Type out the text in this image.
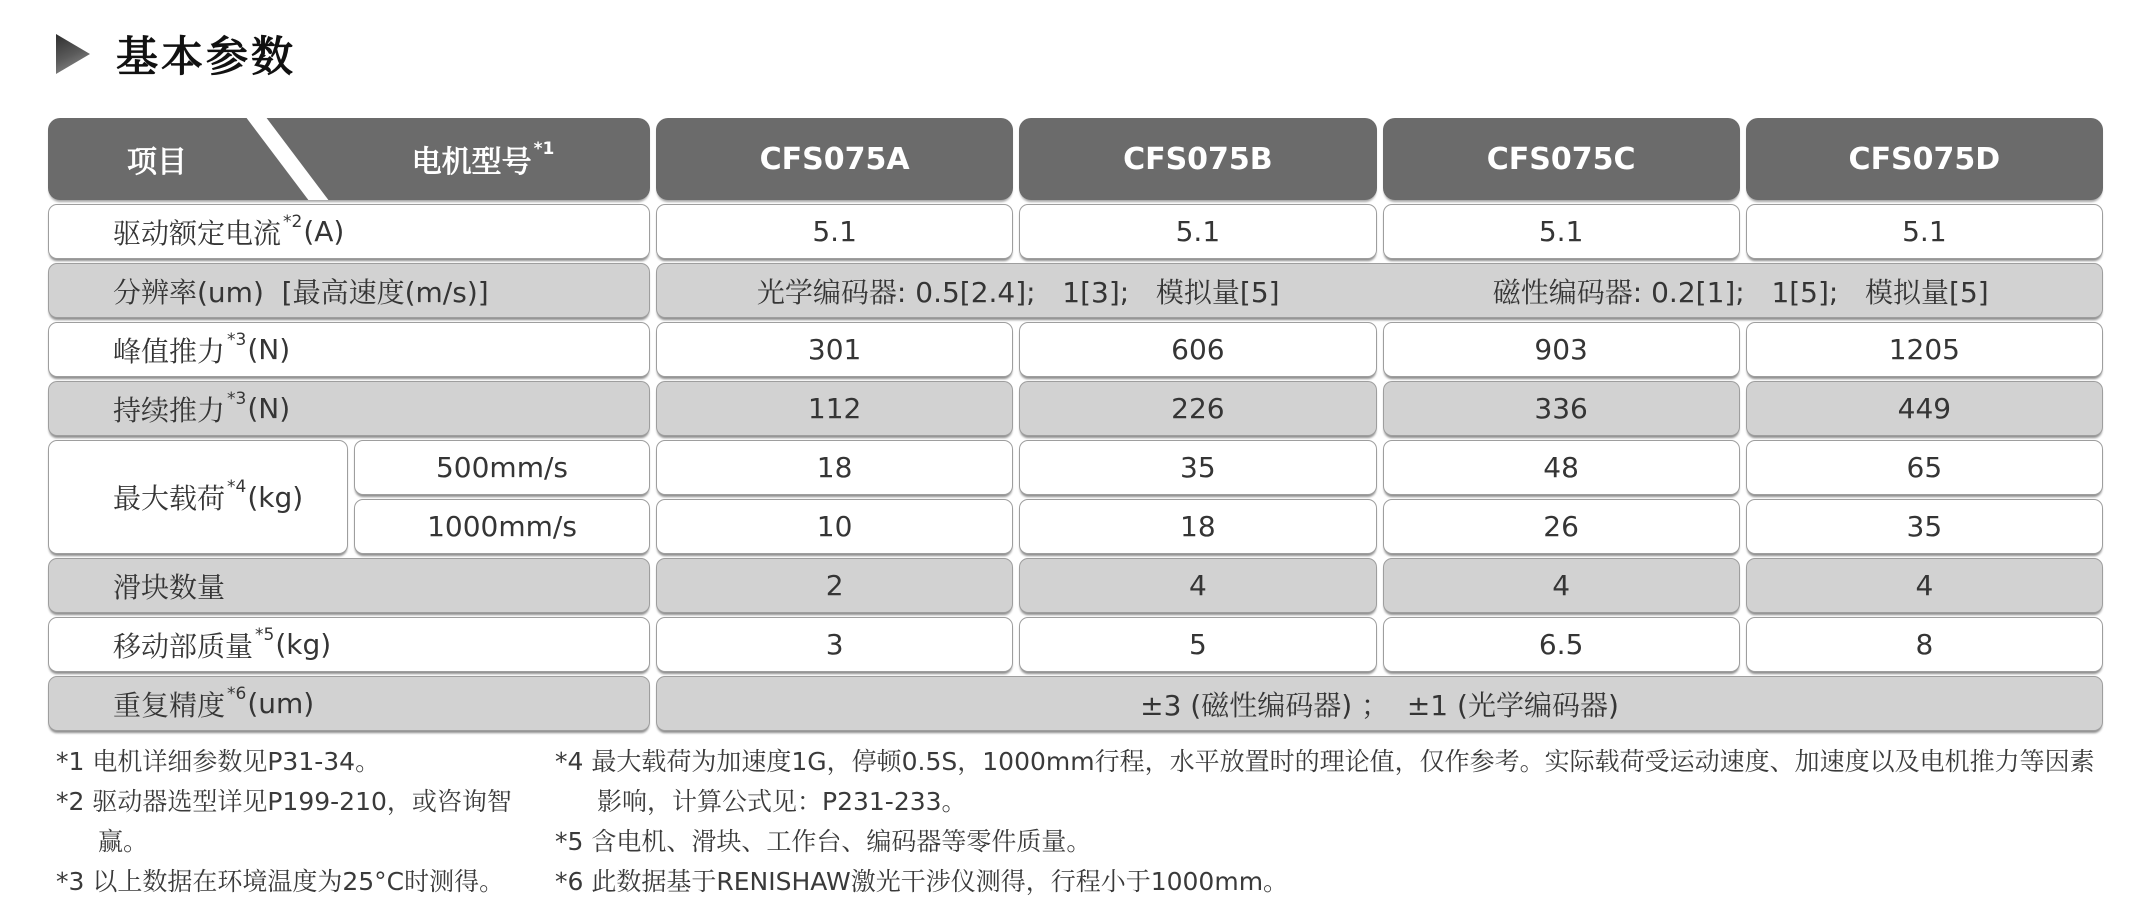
基本参数
项目	电机型号 *1	CFS075A	CFS075B	CFS075C	CFS075D
驱动额定电流 *2 (A)	5.1	5.1	5.1	5.1
分辨率(um)  [最高速度(m/s)]	光学编码器: 0.5[2.4];   1[3];   模拟量[5]	磁性编码器: 0.2[1];   1[5];   模拟量[5]
峰值推力 *3 (N)	301	606	903	1205
持续推力 *3 (N)	112	226	336	449
最大载荷 *4 (kg)
500mm/s	18	35	48	65
1000mm/s	10	18	26	35
滑块数量	2	4	4	4
移动部质量 *5 (kg)	3	5	6.5	8
重复精度 *6 (um)	±3 (磁性编码器) ；  ±1 (光学编码器)
*1 电机详细参数见P31-34。
*2 驱动器选型详见P199-210，或咨询智赢。
*3 以上数据在环境温度为25°C时测得。
*4 最大载荷为加速度1G，停顿0.5S，1000mm行程，水平放置时的理论值，仅作参考。实际载荷受运动速度、加速度以及电机推力等因素影响，计算公式见：P231-233。
*5 含电机、滑块、工作台、编码器等零件质量。
*6 此数据基于RENISHAW激光干涉仪测得，行程小于1000mm。
